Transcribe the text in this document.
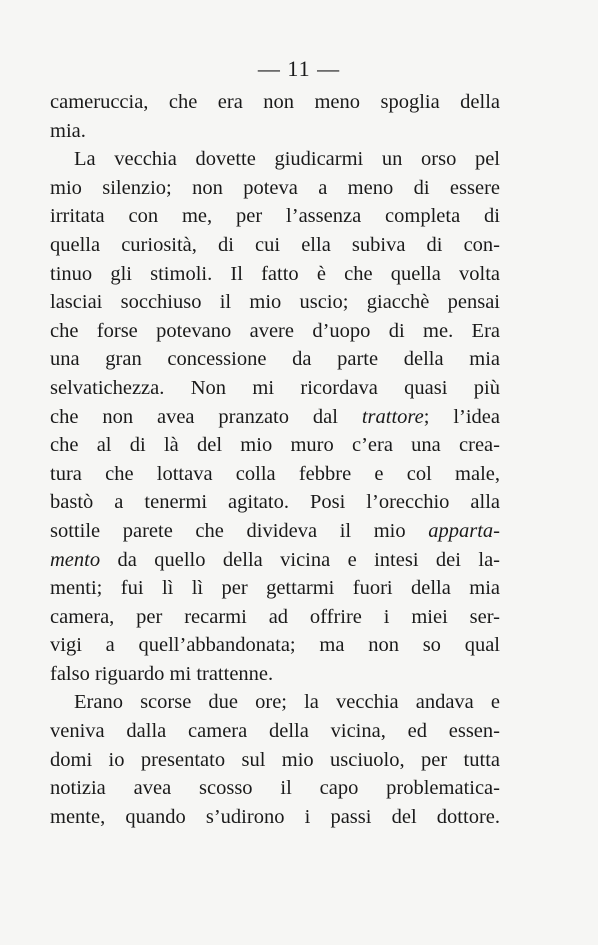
— 11 —
cameruccia, che era non meno spoglia della
mia.
La vecchia dovette giudicarmi un orso pel
mio silenzio; non poteva a meno di essere
irritata con me, per l’assenza completa di
quella curiosità, di cui ella subiva di con-
tinuo gli stimoli. Il fatto è che quella volta
lasciai socchiuso il mio uscio; giacchè pensai
che forse potevano avere d’uopo di me. Era
una gran concessione da parte della mia
selvatichezza. Non mi ricordava quasi più
che non avea pranzato dal trattore; l’idea
che al di là del mio muro c’era una crea-
tura che lottava colla febbre e col male,
bastò a tenermi agitato. Posi l’orecchio alla
sottile parete che divideva il mio apparta-
mento da quello della vicina e intesi dei la-
menti; fui lì lì per gettarmi fuori della mia
camera, per recarmi ad offrire i miei ser-
vigi a quell’abbandonata; ma non so qual
falso riguardo mi trattenne.
Erano scorse due ore; la vecchia andava e
veniva dalla camera della vicina, ed essen-
domi io presentato sul mio usciuolo, per tutta
notizia avea scosso il capo problematica-
mente, quando s’udirono i passi del dottore.
